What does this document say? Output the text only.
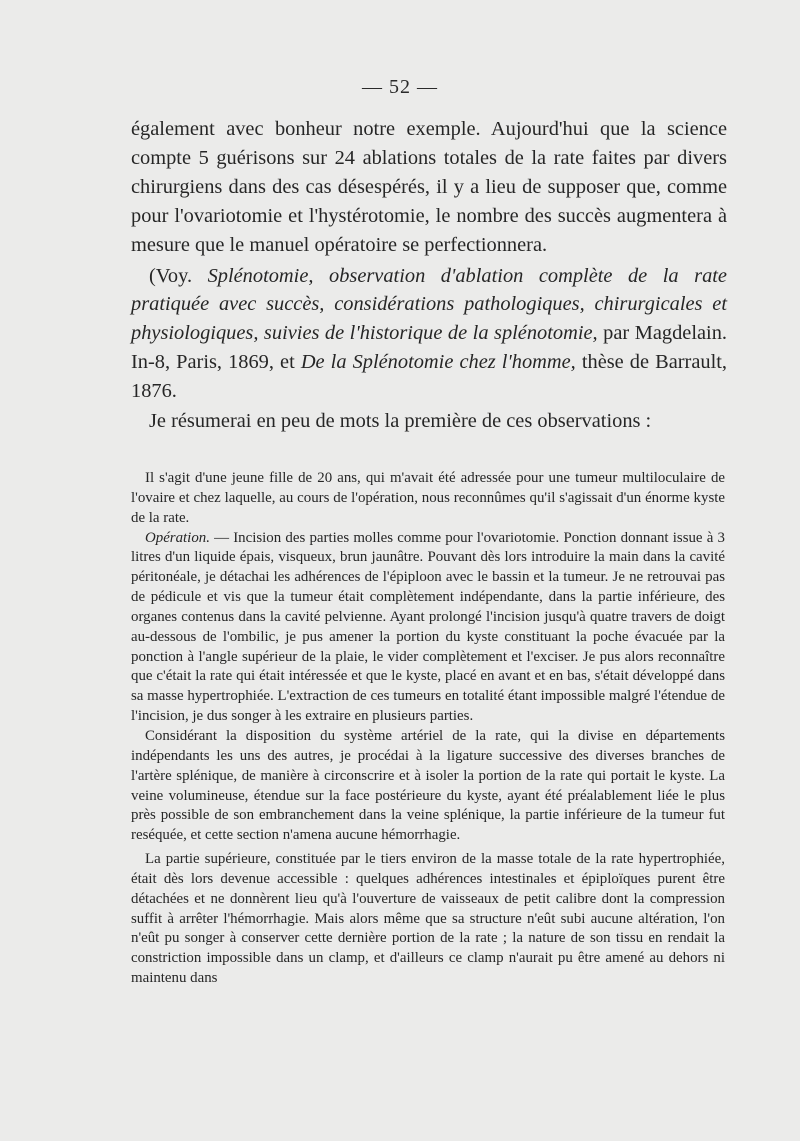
— 52 —

également avec bonheur notre exemple. Aujourd'hui que la science compte 5 guérisons sur 24 ablations totales de la rate faites par divers chirurgiens dans des cas désespérés, il y a lieu de supposer que, comme pour l'ovariotomie et l'hystérotomie, le nombre des succès augmentera à mesure que le manuel opératoire se perfectionnera.

(Voy. Splénotomie, observation d'ablation complète de la rate pratiquée avec succès, considérations pathologiques, chirurgicales et physiologiques, suivies de l'historique de la splénotomie, par Magdelain. In-8, Paris, 1869, et De la Splénotomie chez l'homme, thèse de Barrault, 1876.

Je résumerai en peu de mots la première de ces observations :

Il s'agit d'une jeune fille de 20 ans, qui m'avait été adressée pour une tumeur multiloculaire de l'ovaire et chez laquelle, au cours de l'opération, nous reconnûmes qu'il s'agissait d'un énorme kyste de la rate.

Opération. — Incision des parties molles comme pour l'ovariotomie. Ponction donnant issue à 3 litres d'un liquide épais, visqueux, brun jaunâtre. Pouvant dès lors introduire la main dans la cavité péritonéale, je détachai les adhérences de l'épiploon avec le bassin et la tumeur. Je ne retrouvai pas de pédicule et vis que la tumeur était complètement indépendante, dans la partie inférieure, des organes contenus dans la cavité pelvienne. Ayant prolongé l'incision jusqu'à quatre travers de doigt au-dessous de l'ombilic, je pus amener la portion du kyste constituant la poche évacuée par la ponction à l'angle supérieur de la plaie, le vider complètement et l'exciser. Je pus alors reconnaître que c'était la rate qui était intéressée et que le kyste, placé en avant et en bas, s'était développé dans sa masse hypertrophiée. L'extraction de ces tumeurs en totalité étant impossible malgré l'étendue de l'incision, je dus songer à les extraire en plusieurs parties.

Considérant la disposition du système artériel de la rate, qui la divise en départements indépendants les uns des autres, je procédai à la ligature successive des diverses branches de l'artère splénique, de manière à circonscrire et à isoler la portion de la rate qui portait le kyste. La veine volumineuse, étendue sur la face postérieure du kyste, ayant été préalablement liée le plus près possible de son embranchement dans la veine splénique, la partie inférieure de la tumeur fut reséquée, et cette section n'amena aucune hémorrhagie.

La partie supérieure, constituée par le tiers environ de la masse totale de la rate hypertrophiée, était dès lors devenue accessible : quelques adhérences intestinales et épiploïques purent être détachées et ne donnèrent lieu qu'à l'ouverture de vaisseaux de petit calibre dont la compression suffit à arrêter l'hémorrhagie. Mais alors même que sa structure n'eût subi aucune altération, l'on n'eût pu songer à conserver cette dernière portion de la rate ; la nature de son tissu en rendait la constriction impossible dans un clamp, et d'ailleurs ce clamp n'aurait pu être amené au dehors ni maintenu dans
